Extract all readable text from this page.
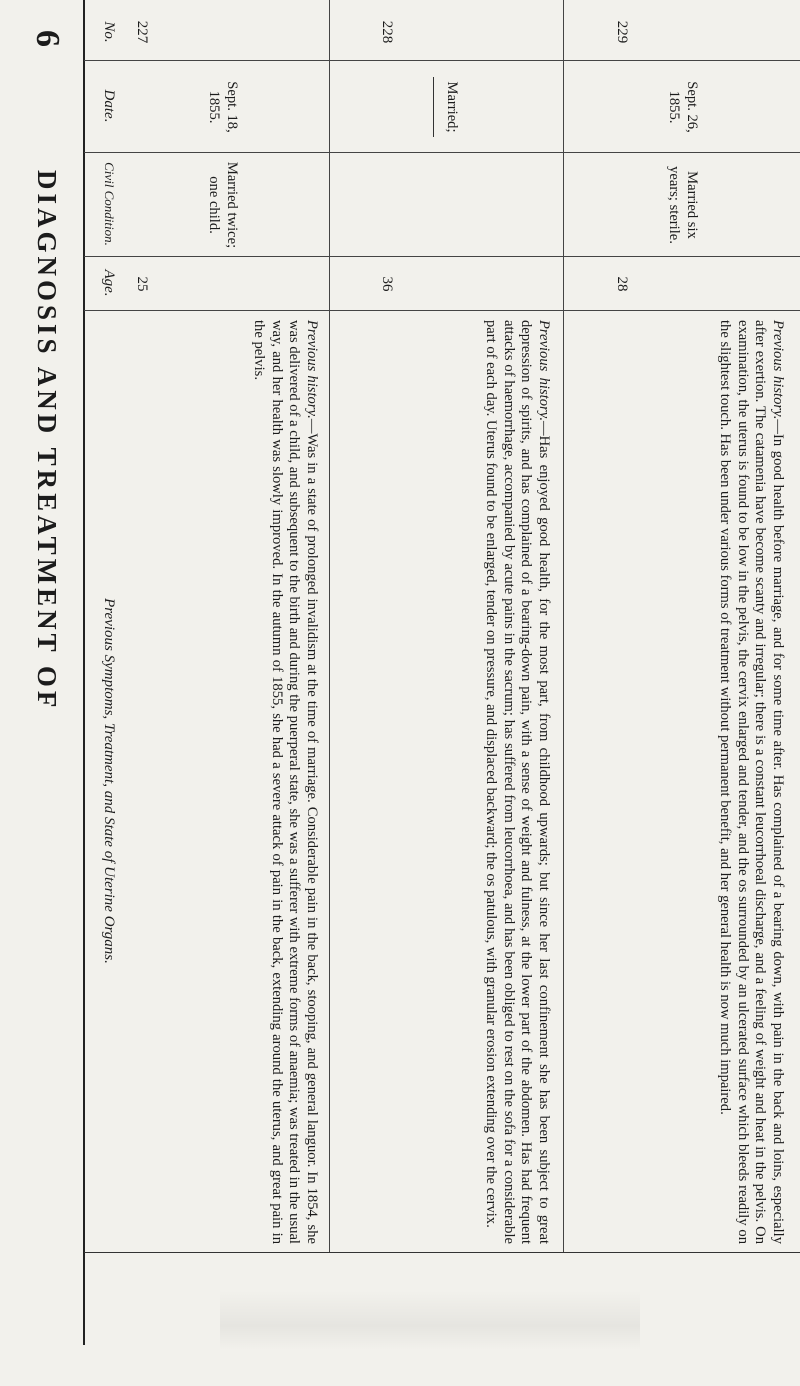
6
DIAGNOSIS AND TREATMENT OF
No.
Date.
Civil Condition.
Age.
Previous Symptoms, Treatment, and State of Uterine Organs.
227
Sept. 18, 1855.
Married twice; one child.
25
Previous history.—Was in a state of prolonged invalidism at the time of marriage. Considerable pain in the back, stooping, and general languor. In 1854, she was delivered of a child, and subsequent to the birth and during the puerperal state, she was a sufferer with extreme forms of anaemia; was treated in the usual way, and her health was slowly improved. In the autumn of 1855, she had a severe attack of pain in the back, extending around the uterus, and great pain in the pelvis.
228
Married;
36
Previous history.—Has enjoyed good health, for the most part, from childhood upwards; but since her last confinement she has been subject to great depression of spirits, and has complained of a bearing-down pain, with a sense of weight and fulness, at the lower part of the abdomen. Has had frequent attacks of haemorrhage, accompanied by acute pains in the sacrum; has suffered from leucorrhoea, and has been obliged to rest on the sofa for a considerable part of each day. Uterus found to be enlarged, tender on pressure, and displaced backward; the os patulous, with granular erosion extending over the cervix.
229
Sept. 26, 1855.
Married six years; sterile.
28
Previous history.—In good health before marriage, and for some time after. Has complained of a bearing down, with pain in the back and loins, especially after exertion. The catamenia have become scanty and irregular; there is a constant leucorrhoeal discharge, and a feeling of weight and heat in the pelvis. On examination, the uterus is found to be low in the pelvis, the cervix enlarged and tender, and the os surrounded by an ulcerated surface which bleeds readily on the slightest touch. Has been under various forms of treatment without permanent benefit, and her general health is now much impaired.
